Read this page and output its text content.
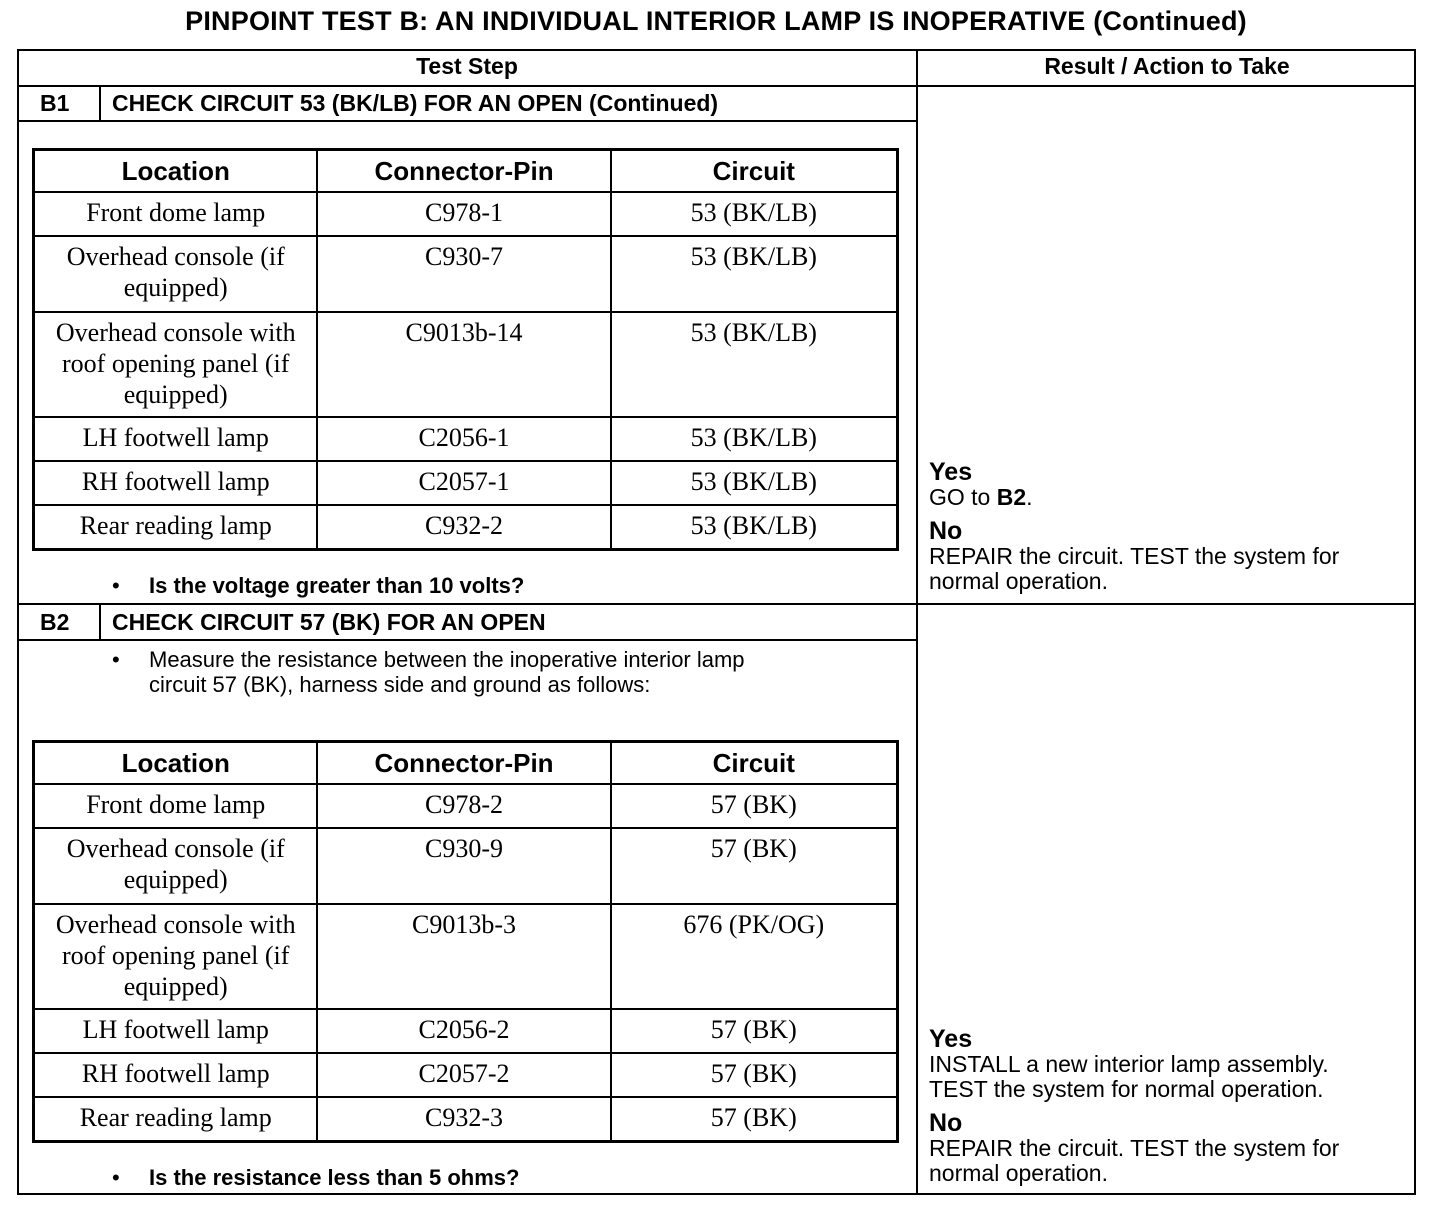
PINPOINT TEST B: AN INDIVIDUAL INTERIOR LAMP IS INOPERATIVE (Continued)
Test Step	Result / Action to Take
B1 CHECK CIRCUIT 53 (BK/LB) FOR AN OPEN (Continued)
Location	Connector-Pin	Circuit
Front dome lamp	C978-1	53 (BK/LB)
Overhead console (if equipped)	C930-7	53 (BK/LB)
Overhead console with roof opening panel (if equipped)	C9013b-14	53 (BK/LB)
LH footwell lamp	C2056-1	53 (BK/LB)
RH footwell lamp	C2057-1	53 (BK/LB)
Rear reading lamp	C932-2	53 (BK/LB)
• Is the voltage greater than 10 volts?
Yes
GO to B2.
No
REPAIR the circuit. TEST the system for
normal operation.
B2 CHECK CIRCUIT 57 (BK) FOR AN OPEN
• Measure the resistance between the inoperative interior lamp
circuit 57 (BK), harness side and ground as follows:
Location	Connector-Pin	Circuit
Front dome lamp	C978-2	57 (BK)
Overhead console (if equipped)	C930-9	57 (BK)
Overhead console with roof opening panel (if equipped)	C9013b-3	676 (PK/OG)
LH footwell lamp	C2056-2	57 (BK)
RH footwell lamp	C2057-2	57 (BK)
Rear reading lamp	C932-3	57 (BK)
• Is the resistance less than 5 ohms?
Yes
INSTALL a new interior lamp assembly.
TEST the system for normal operation.
No
REPAIR the circuit. TEST the system for
normal operation.
